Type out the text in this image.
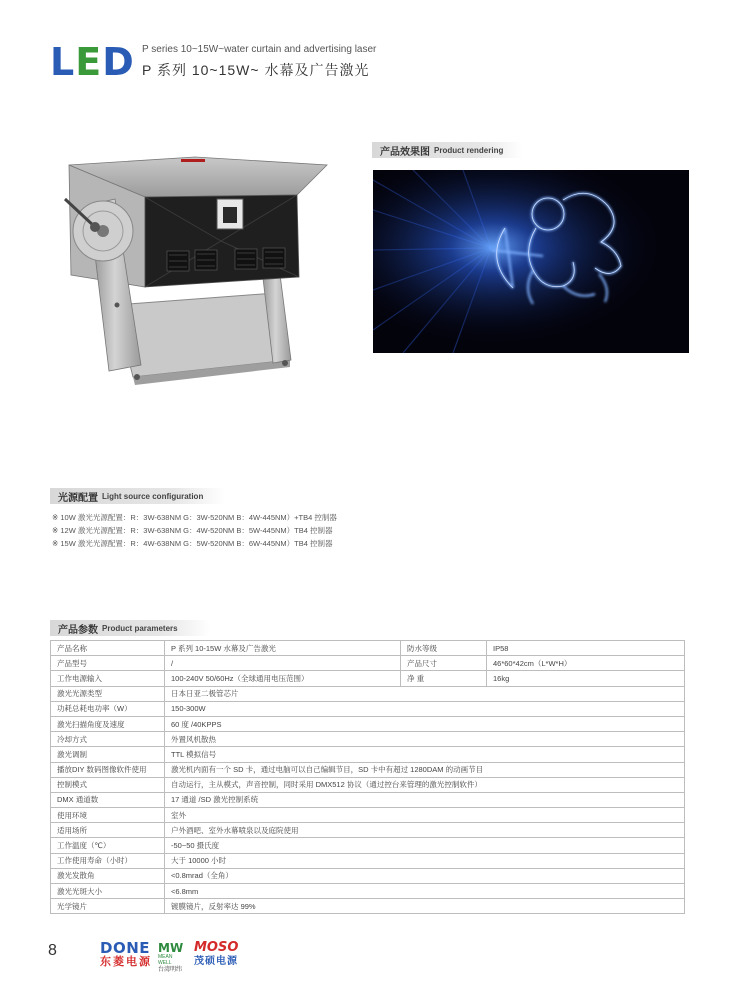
LED P series 10~15W~water curtain and advertising laser
P 系列 10~15W~ 水幕及广告激光
产品效果图 Product rendering
光源配置 Light source configuration
※ 10W 激光光源配置：R：3W-638NM G：3W-520NM B：4W-445NM）+TB4 控制器
※ 12W 激光光源配置：R：3W-638NM G：4W-520NM B：5W-445NM）TB4 控制器
※ 15W 激光光源配置：R：4W-638NM G：5W-520NM B：6W-445NM）TB4 控制器
产品参数 Product parameters
产品名称	P 系列 10-15W 水幕及广告激光	防水等级	IP58
产品型号	/	产品尺寸	46*60*42cm（L*W*H）
工作电源输入	100-240V 50/60Hz（全球通用电压范围）	净 重	16kg
激光光源类型	日本日亚二极管芯片		
功耗总耗电功率（W）	150-300W		
激光扫描角度及速度	60 度 /40KPPS		
冷却方式	外置风机散热		
激光调制	TTL 模拟信号		
播放DIY 数码图像软件使用	激光机内面有一个 SD 卡，通过电脑可以自己编辑节目，SD 卡中有超过 1280DAM 的动画节目		
控制模式	自动运行，主从模式，声音控制，同时采用 DMX512 协议（通过控台来管理的激光控制软件）		
DMX 通道数	17 通道 /SD 激光控制系统		
使用环境	室外		
适用场所	户外酒吧、室外水幕喷泉以及庭院使用		
工作温度（℃）	-50~50 摄氏度		
工作使用寿命（小时）	大于 10000 小时		
激光发散角	<0.8mrad（全角）		
激光光斑大小	<6.8mm		
光学镜片	镀膜镜片，反射率达 99%		
8	DONE
东菱电源
MW
MEAN WELL
台湾明纬
MOSO
茂硕电源
